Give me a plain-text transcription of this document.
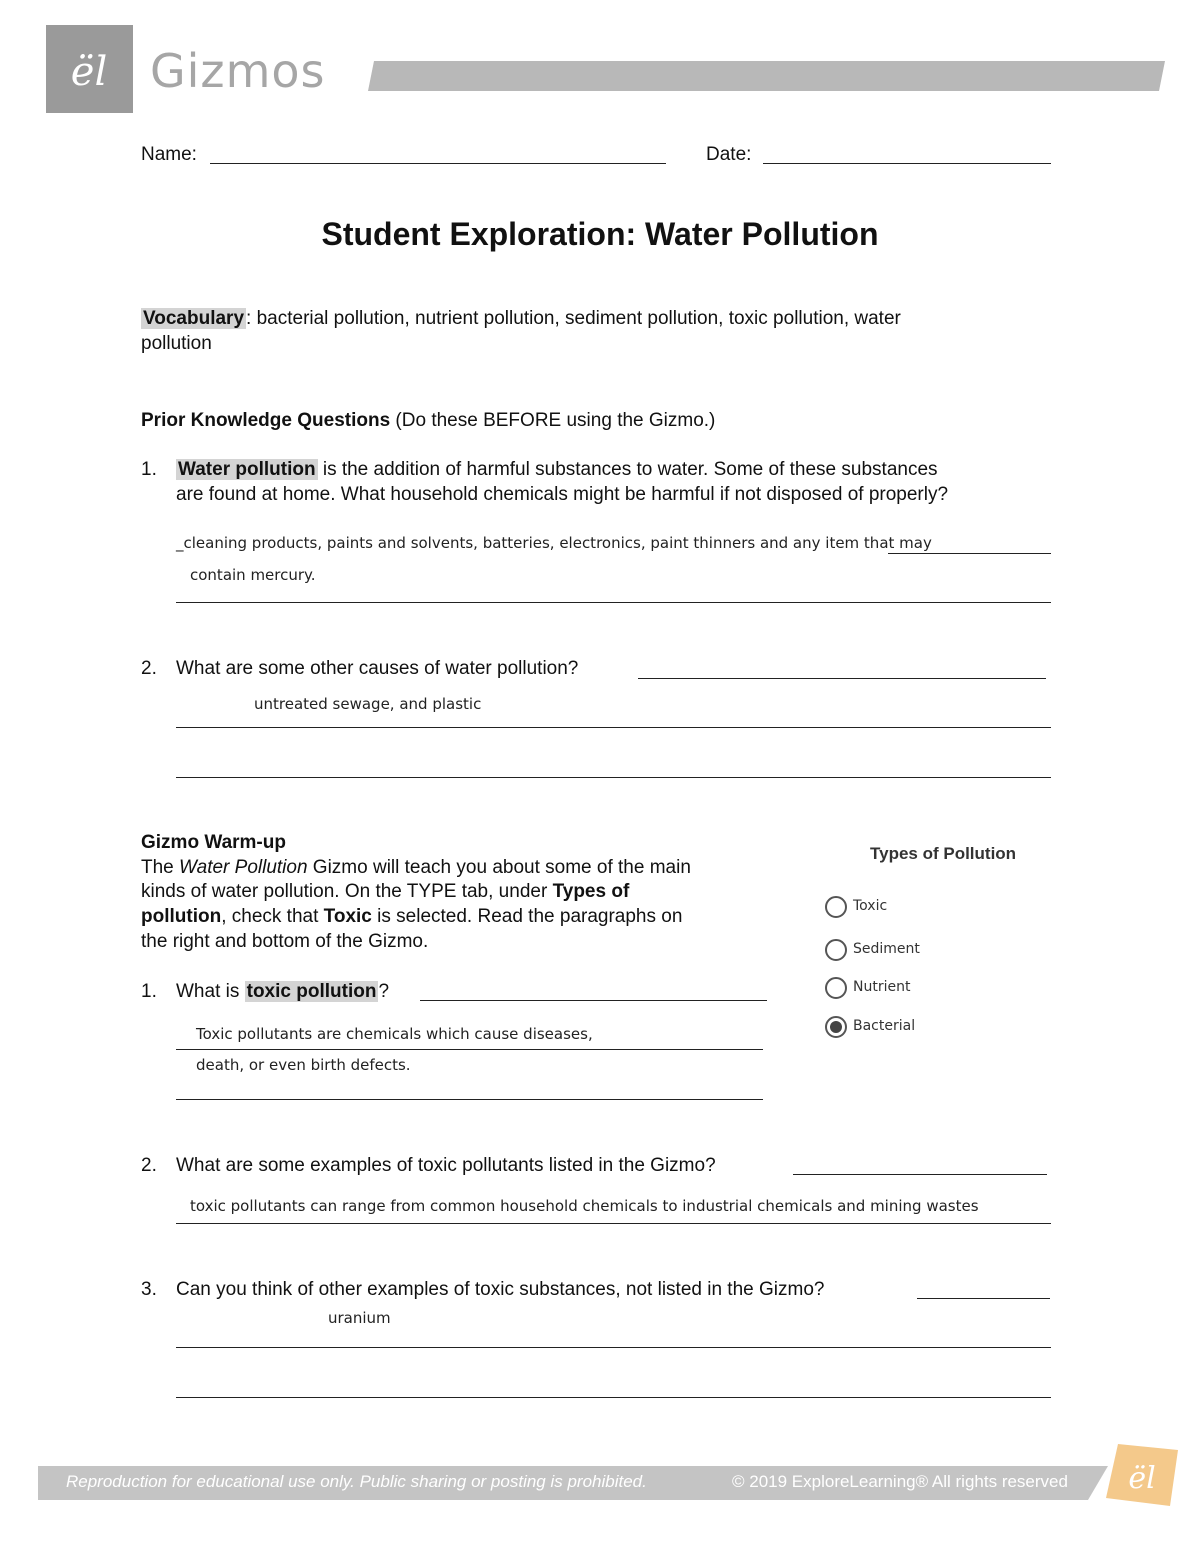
ël Gizmos
Name:	Date:
Student Exploration: Water Pollution
Vocabulary : bacterial pollution, nutrient pollution, sediment pollution, toxic pollution, water
pollution
Prior Knowledge Questions (Do these BEFORE using the Gizmo.)
1. Water pollution is the addition of harmful substances to water. Some of these substances
are found at home. What household chemicals might be harmful if not disposed of properly?
_cleaning products, paints and solvents, batteries, electronics, paint thinners and any item that may
contain mercury.
2. What are some other causes of water pollution?
untreated sewage, and plastic
Gizmo Warm-up
The Water Pollution Gizmo will teach you about some of the main
kinds of water pollution. On the TYPE tab, under Types of
pollution, check that Toxic is selected. Read the paragraphs on
the right and bottom of the Gizmo.
1. What is toxic pollution ?
Toxic pollutants are chemicals which cause diseases,
death, or even birth defects.
Types of Pollution
Toxic
Sediment
Nutrient
Bacterial
2. What are some examples of toxic pollutants listed in the Gizmo?
toxic pollutants can range from common household chemicals to industrial chemicals and mining wastes
3. Can you think of other examples of toxic substances, not listed in the Gizmo?
uranium
Reproduction for educational use only. Public sharing or posting is prohibited.	© 2019 ExploreLearning® All rights reserved ël
